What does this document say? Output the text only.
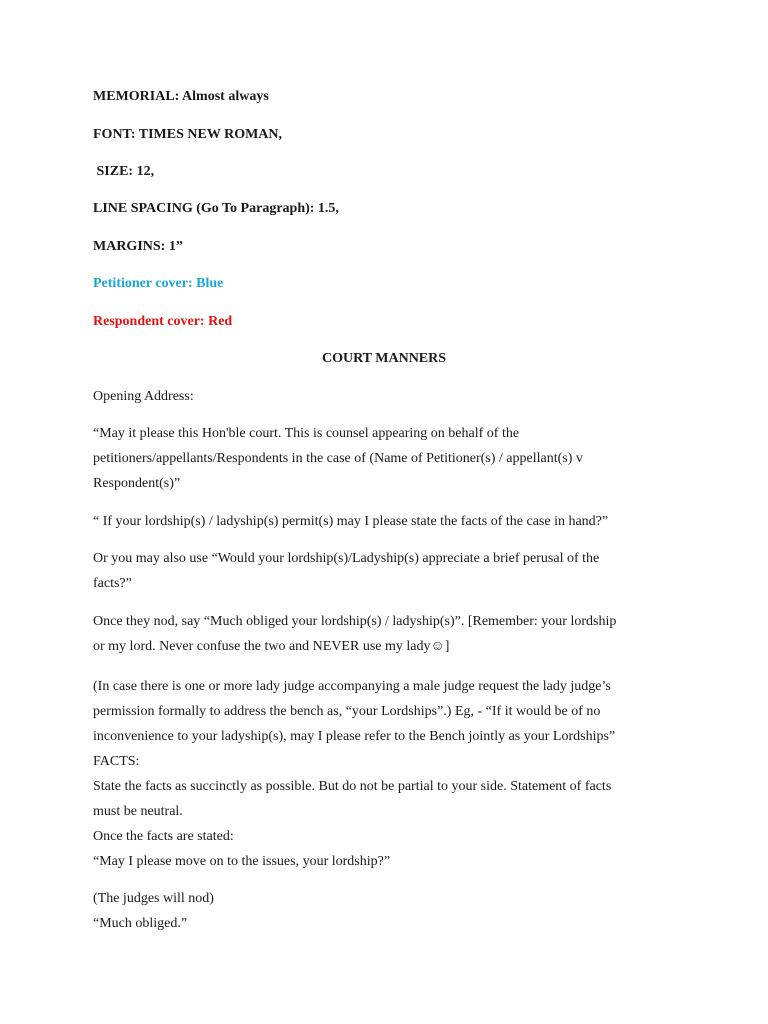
MEMORIAL: Almost always
FONT: TIMES NEW ROMAN,
SIZE: 12,
LINE SPACING (Go To Paragraph): 1.5,
MARGINS: 1”
Petitioner cover: Blue
Respondent cover: Red
COURT MANNERS
Opening Address:
“May it please this Hon'ble court. This is counsel appearing on behalf of the
petitioners/appellants/Respondents in the case of (Name of Petitioner(s) / appellant(s) v
Respondent(s)”
“ If your lordship(s) / ladyship(s) permit(s) may I please state the facts of the case in hand?”
Or you may also use “Would your lordship(s)/Ladyship(s) appreciate a brief perusal of the
facts?”
Once they nod, say “Much obliged your lordship(s) / ladyship(s)”. [Remember: your lordship
or my lord. Never confuse the two and NEVER use my lady☺]
(In case there is one or more lady judge accompanying a male judge request the lady judge’s
permission formally to address the bench as, “your Lordships”.) Eg, - “If it would be of no
inconvenience to your ladyship(s), may I please refer to the Bench jointly as your Lordships”
FACTS:
State the facts as succinctly as possible. But do not be partial to your side. Statement of facts
must be neutral.
Once the facts are stated:
“May I please move on to the issues, your lordship?”
(The judges will nod)
“Much obliged.”
